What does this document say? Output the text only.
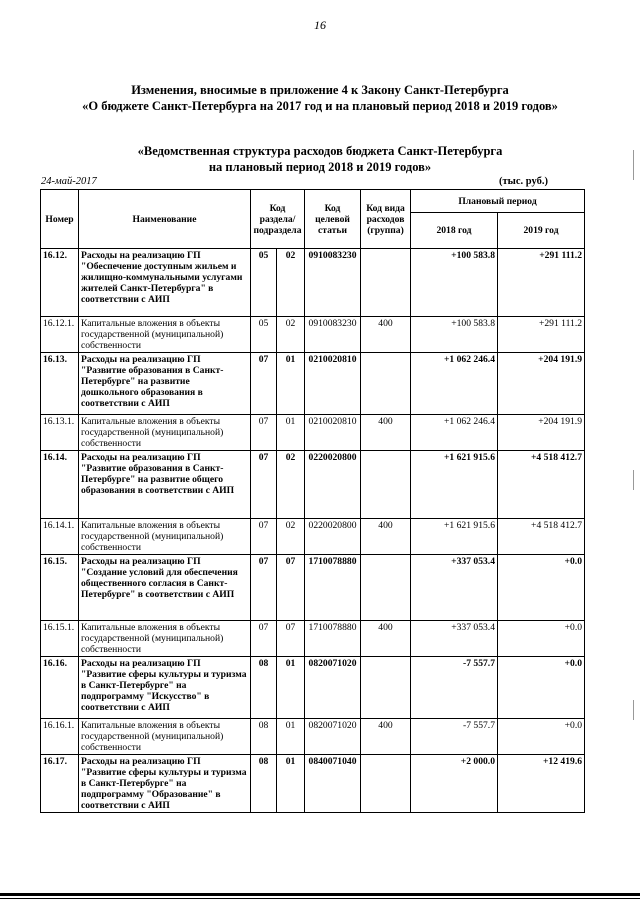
16
Изменения, вносимые в приложение 4 к Закону Санкт-Петербурга
«О бюджете Санкт-Петербурга на 2017 год и на плановый период 2018 и 2019 годов»
«Ведомственная структура расходов бюджета Санкт-Петербурга
на плановый период 2018 и 2019 годов»
24-май-2017	(тыс. руб.)
Номер	Наименование	Код раздела/ подраздела		Код целевой статьи	Код вида расходов (группа)	Плановый период	
						2018 год	2019 год
16.12.	Расходы на реализацию ГП "Обеспечение доступным жильем и жилищно-коммунальными услугами жителей Санкт-Петербурга" в соответствии с АИП	05	02	0910083230		+100 583.8	+291 111.2
16.12.1.	Капитальные вложения в объекты государственной (муниципальной) собственности	05	02	0910083230	400	+100 583.8	+291 111.2
16.13.	Расходы на реализацию ГП "Развитие образования в Санкт-Петербурге" на развитие дошкольного образования в соответствии с АИП	07	01	0210020810		+1 062 246.4	+204 191.9
16.13.1.	Капитальные вложения в объекты государственной (муниципальной) собственности	07	01	0210020810	400	+1 062 246.4	+204 191.9
16.14.	Расходы на реализацию ГП "Развитие образования в Санкт-Петербурге" на развитие общего образования в соответствии с АИП	07	02	0220020800		+1 621 915.6	+4 518 412.7
16.14.1.	Капитальные вложения в объекты государственной (муниципальной) собственности	07	02	0220020800	400	+1 621 915.6	+4 518 412.7
16.15.	Расходы на реализацию ГП "Создание условий для обеспечения общественного согласия в Санкт-Петербурге" в соответствии с АИП	07	07	1710078880		+337 053.4	+0.0
16.15.1.	Капитальные вложения в объекты государственной (муниципальной) собственности	07	07	1710078880	400	+337 053.4	+0.0
16.16.	Расходы на реализацию ГП "Развитие сферы культуры и туризма в Санкт-Петербурге" на подпрограмму "Искусство" в соответствии с АИП	08	01	0820071020		-7 557.7	+0.0
16.16.1.	Капитальные вложения в объекты государственной (муниципальной) собственности	08	01	0820071020	400	-7 557.7	+0.0
16.17.	Расходы на реализацию ГП "Развитие сферы культуры и туризма в Санкт-Петербурге" на подпрограмму "Образование" в соответствии с АИП	08	01	0840071040		+2 000.0	+12 419.6
